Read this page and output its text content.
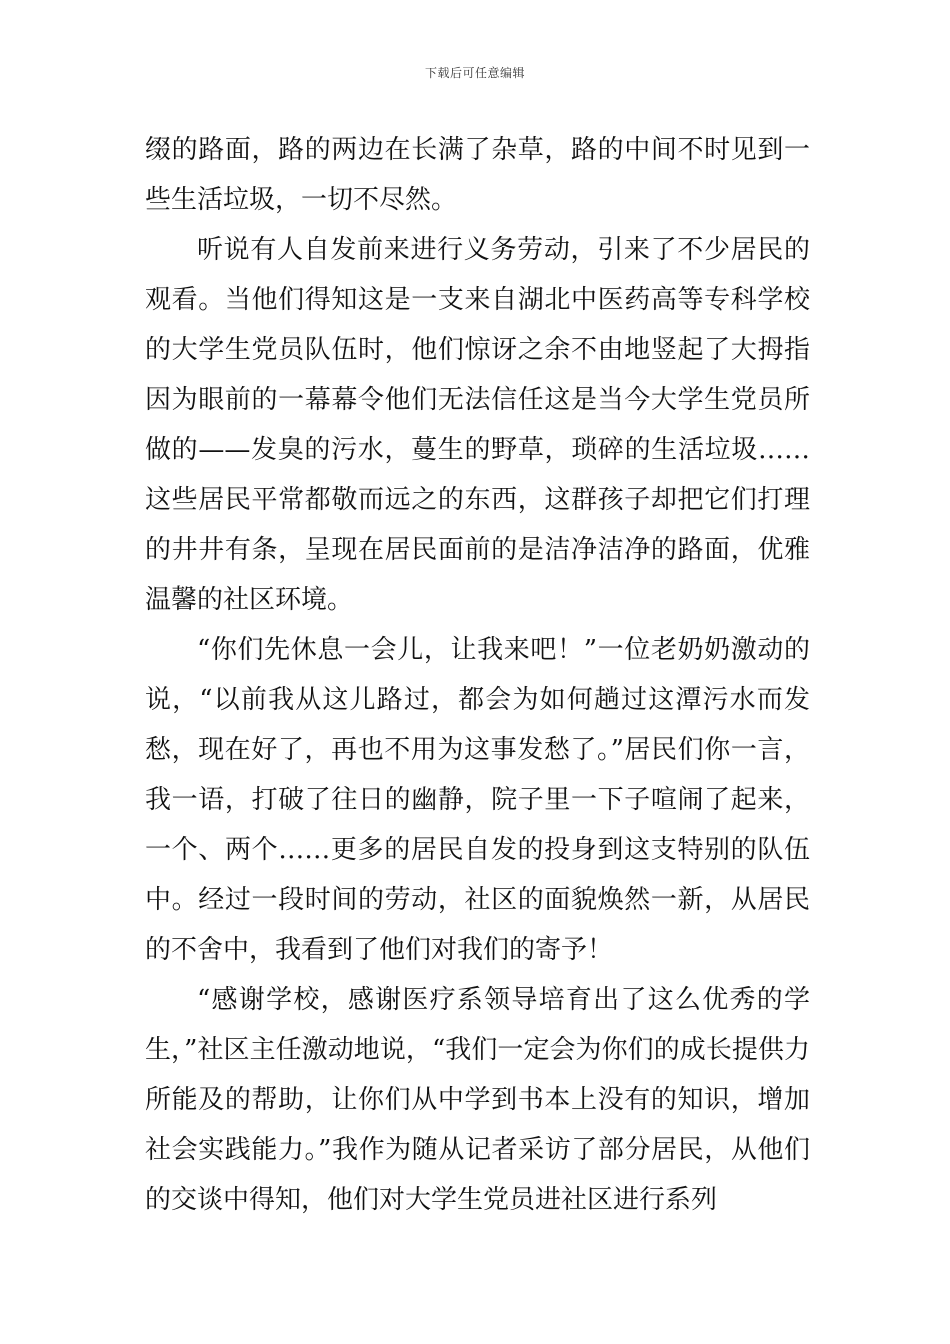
下载后可任意编辑

缀的路面，路的两边在长满了杂草，路的中间不时见到一些生活垃圾，一切不尽然。

听说有人自发前来进行义务劳动，引来了不少居民的观看。当他们得知这是一支来自湖北中医药高等专科学校的大学生党员队伍时，他们惊讶之余不由地竖起了大拇指因为眼前的一幕幕令他们无法信任这是当今大学生党员所做的——发臭的污水，蔓生的野草，琐碎的生活垃圾……这些居民平常都敬而远之的东西，这群孩子却把它们打理的井井有条，呈现在居民面前的是洁净洁净的路面，优雅温馨的社区环境。

“你们先休息一会儿，让我来吧！”一位老奶奶激动的说，“以前我从这儿路过，都会为如何趟过这潭污水而发愁，现在好了，再也不用为这事发愁了。”居民们你一言，我一语，打破了往日的幽静，院子里一下子喧闹了起来，一个、两个……更多的居民自发的投身到这支特别的队伍中。经过一段时间的劳动，社区的面貌焕然一新，从居民的不舍中，我看到了他们对我们的寄予！

“感谢学校，感谢医疗系领导培育出了这么优秀的学生，”社区主任激动地说，“我们一定会为你们的成长提供力所能及的帮助，让你们从中学到书本上没有的知识，增加社会实践能力。”我作为随从记者采访了部分居民，从他们的交谈中得知，他们对大学生党员进社区进行系列
